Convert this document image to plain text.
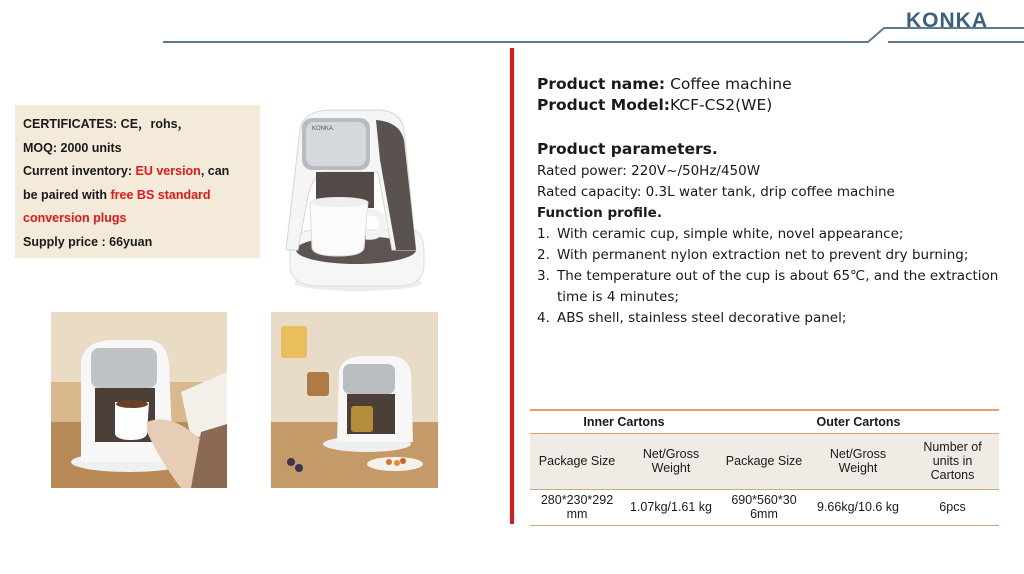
KONKA
CERTIFICATES: CE，rohs，
MOQ: 2000 units
Current inventory: EU version, can
be paired with free BS standard
conversion plugs
Supply price : 66yuan
KONKA
Product name: Coffee machine
Product Model:KCF-CS2(WE)
Product parameters.
Rated power: 220V~/50Hz/450W
Rated capacity: 0.3L water tank, drip coffee machine
Function profile.
1. With ceramic cup, simple white, novel appearance;
2. With permanent nylon extraction net to prevent dry burning;
3. The temperature out of the cup is about 65℃, and the extraction time is 4 minutes;
4. ABS shell, stainless steel decorative panel;
Inner Cartons		Outer Cartons		
Package Size	Net/Gross Weight	Package Size	Net/Gross Weight	Number of units in Cartons
280*230*292 mm	1.07kg/1.61 kg	690*560*30 6mm	9.66kg/10.6 kg	6pcs
